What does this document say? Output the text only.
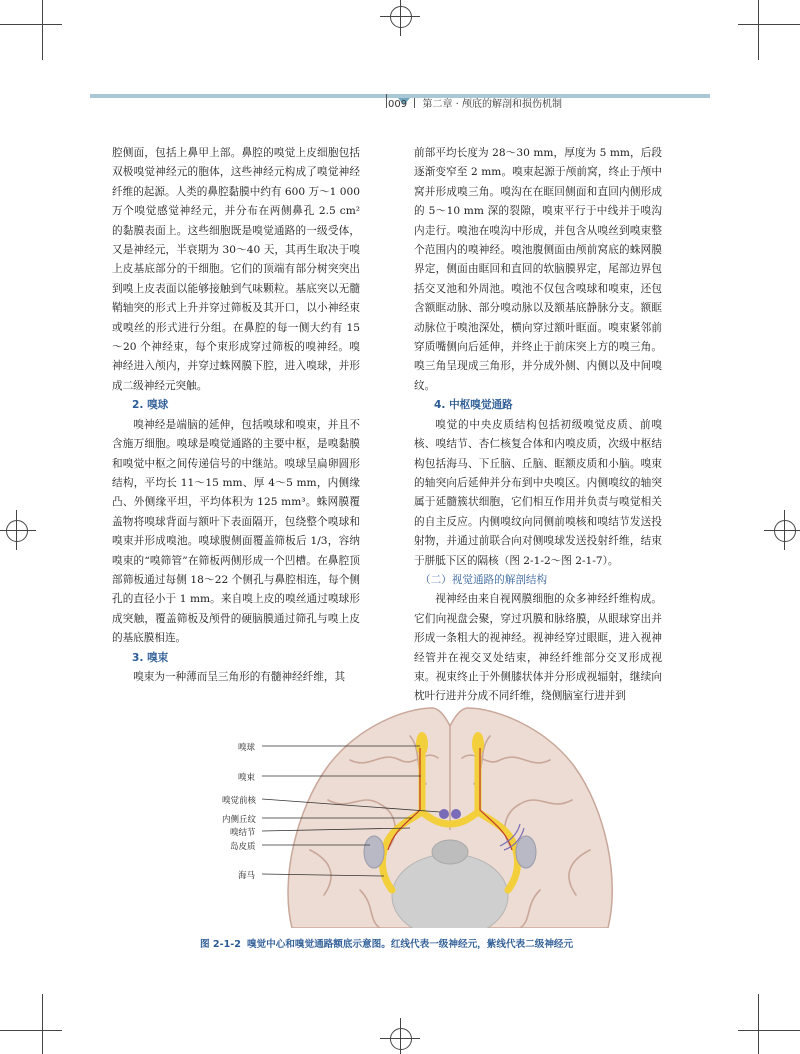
009 第二章 · 颅底的解剖和损伤机制

腔侧面，包括上鼻甲上部。鼻腔的嗅觉上皮细胞包括双极嗅觉神经元的胞体，这些神经元构成了嗅觉神经纤维的起源。人类的鼻腔黏膜中约有 600 万～1 000 万个嗅觉感觉神经元，并分布在两侧鼻孔 2.5 cm² 的黏膜表面上。这些细胞既是嗅觉通路的一级受体，又是神经元，半衰期为 30～40 天，其再生取决于嗅上皮基底部分的干细胞。它们的顶端有部分树突突出到嗅上皮表面以能够接触到气味颗粒。基底突以无髓鞘轴突的形式上升并穿过筛板及其开口，以小神经束或嗅丝的形式进行分组。在鼻腔的每一侧大约有 15～20 个神经束，每个束形成穿过筛板的嗅神经。嗅神经进入颅内，并穿过蛛网膜下腔，进入嗅球，并形成二级神经元突触。

2. 嗅球

嗅神经是端脑的延伸，包括嗅球和嗅束，并且不含施万细胞。嗅球是嗅觉通路的主要中枢，是嗅黏膜和嗅觉中枢之间传递信号的中继站。嗅球呈扁卵圆形结构，平均长 11～15 mm、厚 4～5 mm，内侧缘凸、外侧缘平坦，平均体积为 125 mm³。蛛网膜覆盖物将嗅球背面与额叶下表面隔开，包绕整个嗅球和嗅束并形成嗅池。嗅球腹侧面覆盖筛板后 1/3，容纳嗅束的“嗅筛管”在筛板两侧形成一个凹槽。在鼻腔顶部筛板通过每侧 18～22 个侧孔与鼻腔相连，每个侧孔的直径小于 1 mm。来自嗅上皮的嗅丝通过嗅球形成突触，覆盖筛板及颅骨的硬脑膜通过筛孔与嗅上皮的基底膜相连。

3. 嗅束

嗅束为一种薄而呈三角形的有髓神经纤维，其

前部平均长度为 28～30 mm，厚度为 5 mm，后段逐渐变窄至 2 mm。嗅束起源于颅前窝，终止于颅中窝并形成嗅三角。嗅沟在在眶回侧面和直回内侧形成的 5～10 mm 深的裂隙，嗅束平行于中线并于嗅沟内走行。嗅池在嗅沟中形成，并包含从嗅丝到嗅束整个范围内的嗅神经。嗅池腹侧面由颅前窝底的蛛网膜界定，侧面由眶回和直回的软脑膜界定，尾部边界包括交叉池和外周池。嗅池不仅包含嗅球和嗅束，还包含额眶动脉、部分嗅动脉以及额基底静脉分支。额眶动脉位于嗅池深处，横向穿过额叶眶面。嗅束紧邻前穿质嘴侧向后延伸，并终止于前床突上方的嗅三角。嗅三角呈现成三角形，并分成外侧、内侧以及中间嗅纹。

4. 中枢嗅觉通路

嗅觉的中央皮质结构包括初级嗅觉皮质、前嗅核、嗅结节、杏仁核复合体和内嗅皮质，次级中枢结构包括海马、下丘脑、丘脑、眶额皮质和小脑。嗅束的轴突向后延伸并分布到中央嗅区。内侧嗅纹的轴突属于延髓簇状细胞，它们相互作用并负责与嗅觉相关的自主反应。内侧嗅纹向同侧前嗅核和嗅结节发送投射物，并通过前联合向对侧嗅球发送投射纤维，结束于胼胝下区的隔核（图 2-1-2～图 2-1-7）。

（二）视觉通路的解剖结构

视神经由来自视网膜细胞的众多神经纤维构成。它们向视盘会聚，穿过巩膜和脉络膜，从眼球穿出并形成一条粗大的视神经。视神经穿过眼眶，进入视神经管并在视交叉处结束，神经纤维部分交叉形成视束。视束终止于外侧膝状体并分形成视辐射，继续向枕叶行进并分成不同纤维，绕侧脑室行进并到

嗅球
嗅束
嗅觉前核
内侧丘纹
嗅结节
岛皮质
海马
图 2-1-2 嗅觉中心和嗅觉通路额底示意图。红线代表一级神经元，紫线代表二级神经元
